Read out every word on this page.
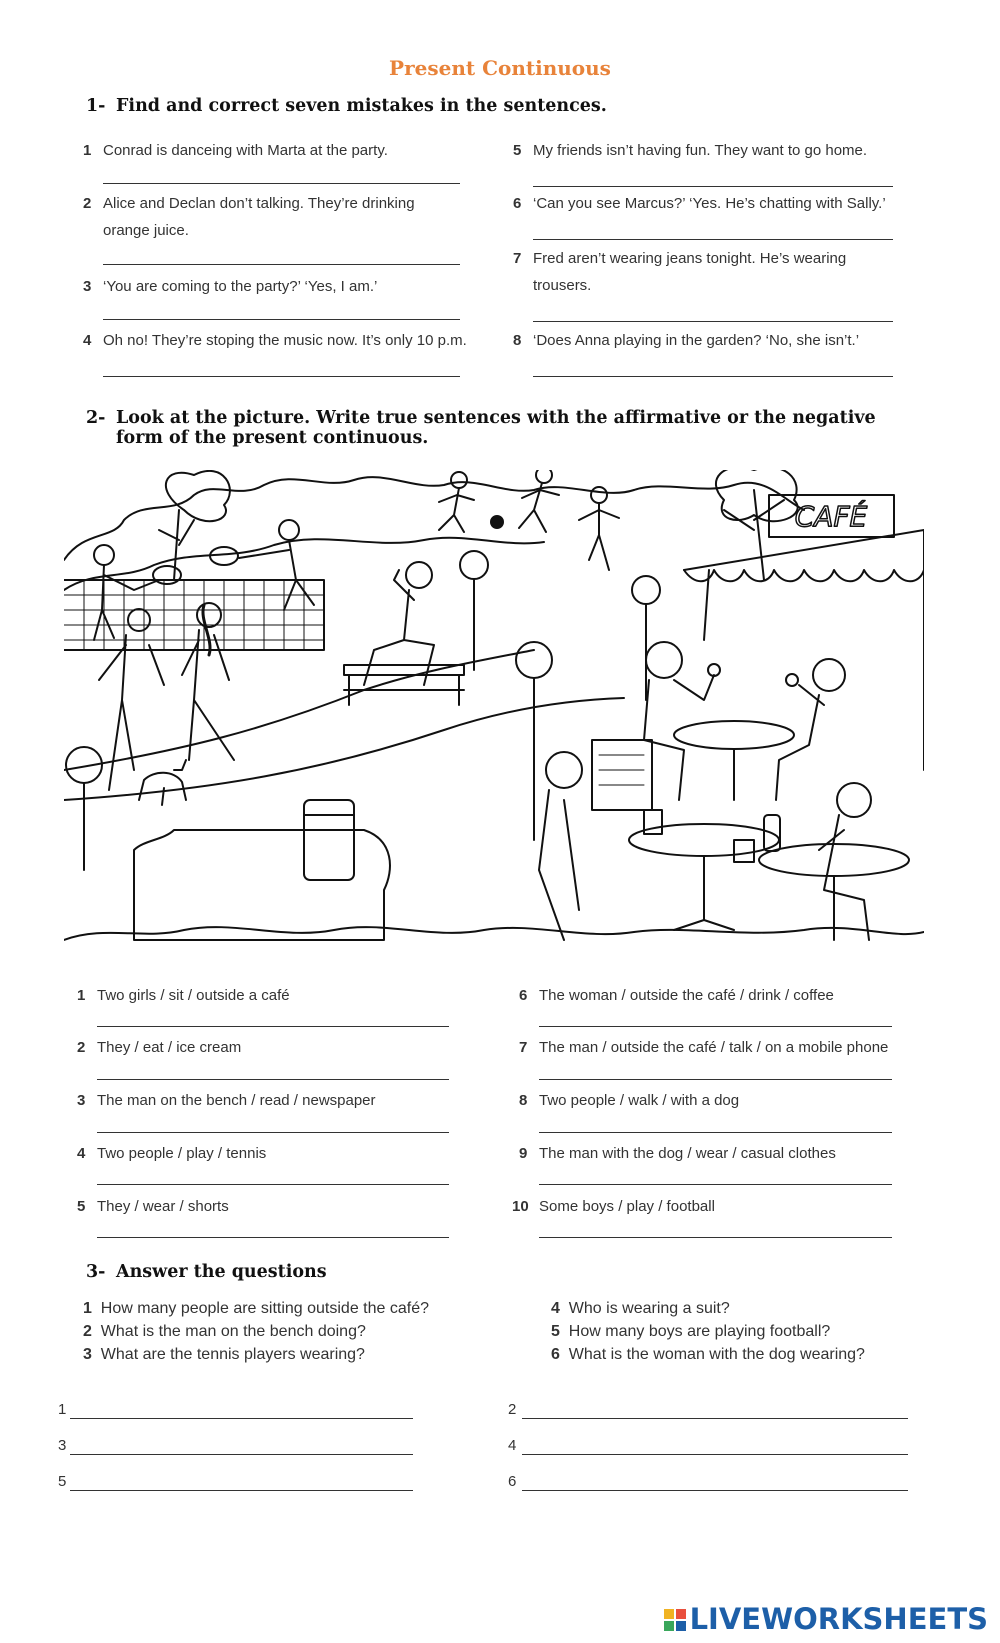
Present Continuous
1- Find and correct seven mistakes in the sentences.
1 Conrad is danceing with Marta at the party.
2 Alice and Declan don’t talking. They’re drinking
orange juice.
3 ‘You are coming to the party?’ ‘Yes, I am.’
4 Oh no! They’re stoping the music now. It’s only 10 p.m.
5 My friends isn’t having fun. They want to go home.
6 ‘Can you see Marcus?’ ‘Yes. He’s chatting with Sally.’
7 Fred aren’t wearing jeans tonight. He’s wearing
trousers.
8 ‘Does Anna playing in the garden? ‘No, she isn’t.’
2- Look at the picture. Write true sentences with the affirmative or the negative
form of the present continuous.
CAFÉ
1 Two girls / sit / outside a café
2 They / eat / ice cream
3 The man on the bench / read / newspaper
4 Two people / play / tennis
5 They / wear / shorts
6 The woman / outside the café / drink / coffee
7 The man / outside the café / talk / on a mobile phone
8 Two people / walk / with a dog
9 The man with the dog / wear / casual clothes
10 Some boys / play / football
3- Answer the questions
1 How many people are sitting outside the café?
2 What is the man on the bench doing?
3 What are the tennis players wearing?
4 Who is wearing a suit?
5 How many boys are playing football?
6 What is the woman with the dog wearing?
1
3
5
2
4
6
LIVEWORKSHEETS
